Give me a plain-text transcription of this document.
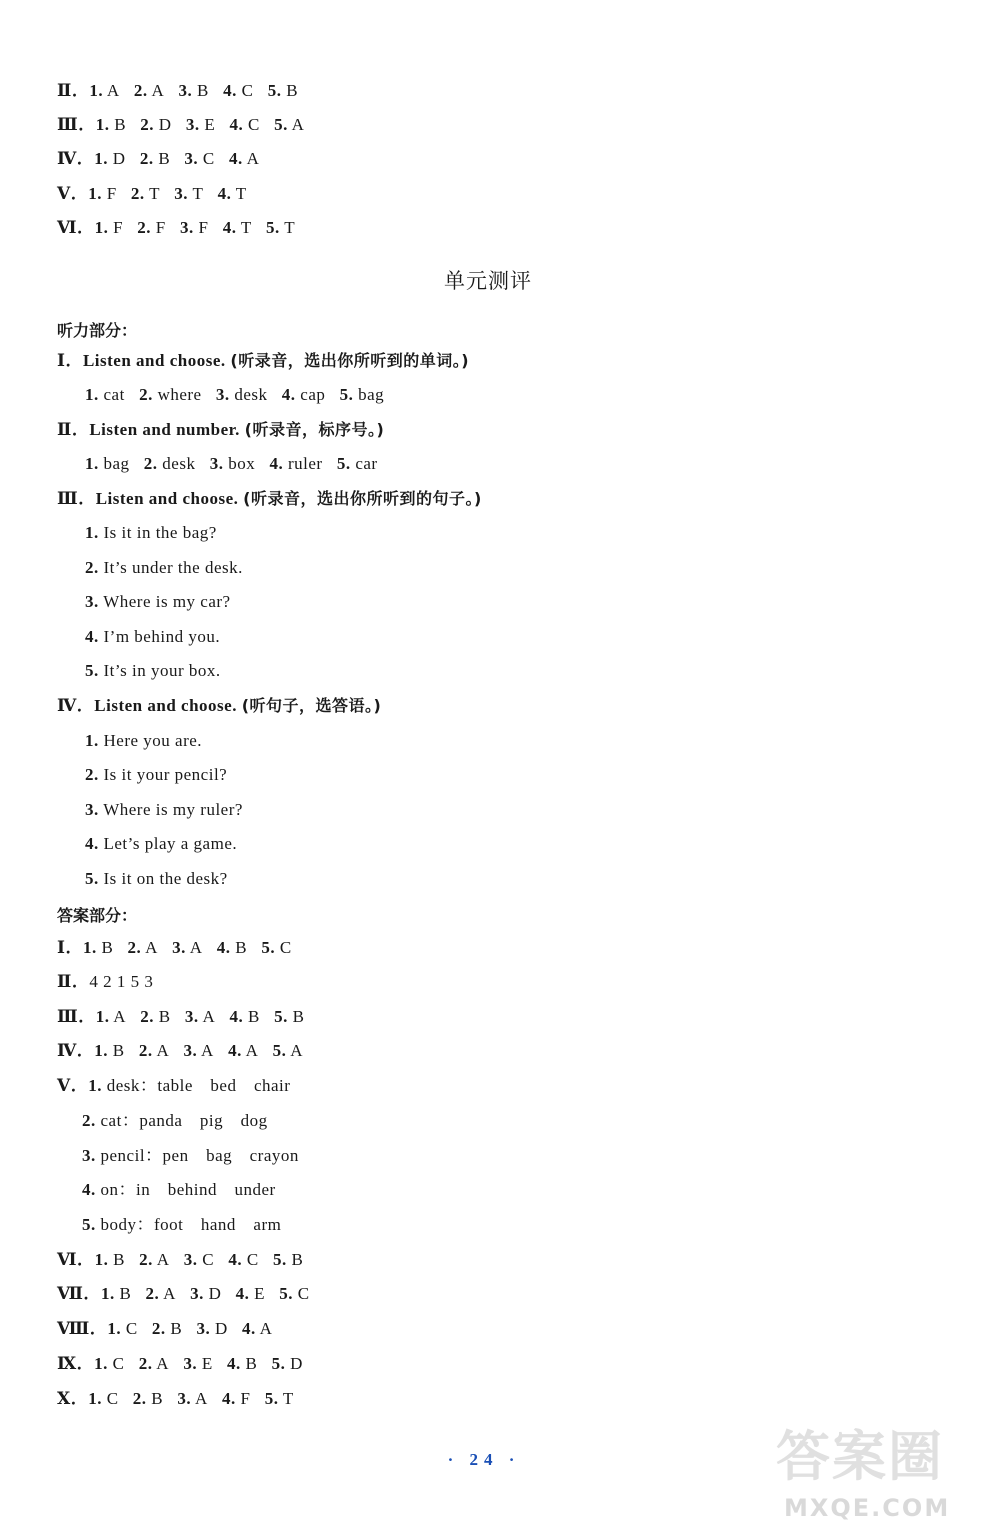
Ⅱ．1. A   2. A   3. B   4. C   5. B
Ⅲ．1. B   2. D   3. E   4. C   5. A
Ⅳ．1. D   2. B   3. C   4. A
Ⅴ．1. F   2. T   3. T   4. T
Ⅵ．1. F   2. F   3. F   4. T   5. T
单元测评
听力部分：
Ⅰ．Listen and choose. (听录音，选出你所听到的单词。)
1. cat   2. where   3. desk   4. cap   5. bag
Ⅱ．Listen and number. (听录音，标序号。)
1. bag   2. desk   3. box   4. ruler   5. car
Ⅲ．Listen and choose. (听录音，选出你所听到的句子。)
1. Is it in the bag?
2. It’s under the desk.
3. Where is my car?
4. I’m behind you.
5. It’s in your box.
Ⅳ．Listen and choose. (听句子，选答语。)
1. Here you are.
2. Is it your pencil?
3. Where is my ruler?
4. Let’s play a game.
5. Is it on the desk?
答案部分：
Ⅰ．1. B   2. A   3. A   4. B   5. C
Ⅱ．4 2 1 5 3
Ⅲ．1. A   2. B   3. A   4. B   5. B
Ⅳ．1. B   2. A   3. A   4. A   5. A
Ⅴ．1. desk：table　bed　chair
2. cat：panda　pig　dog
3. pencil：pen　bag　crayon
4. on：in　behind　under
5. body：foot　hand　arm
Ⅵ．1. B   2. A   3. C   4. C   5. B
Ⅶ．1. B   2. A   3. D   4. E   5. C
Ⅷ．1. C   2. B   3. D   4. A
Ⅸ．1. C   2. A   3. E   4. B   5. D
Ⅹ．1. C   2. B   3. A   4. F   5. T
· 24 ·	答案圈
MXQE.COM
